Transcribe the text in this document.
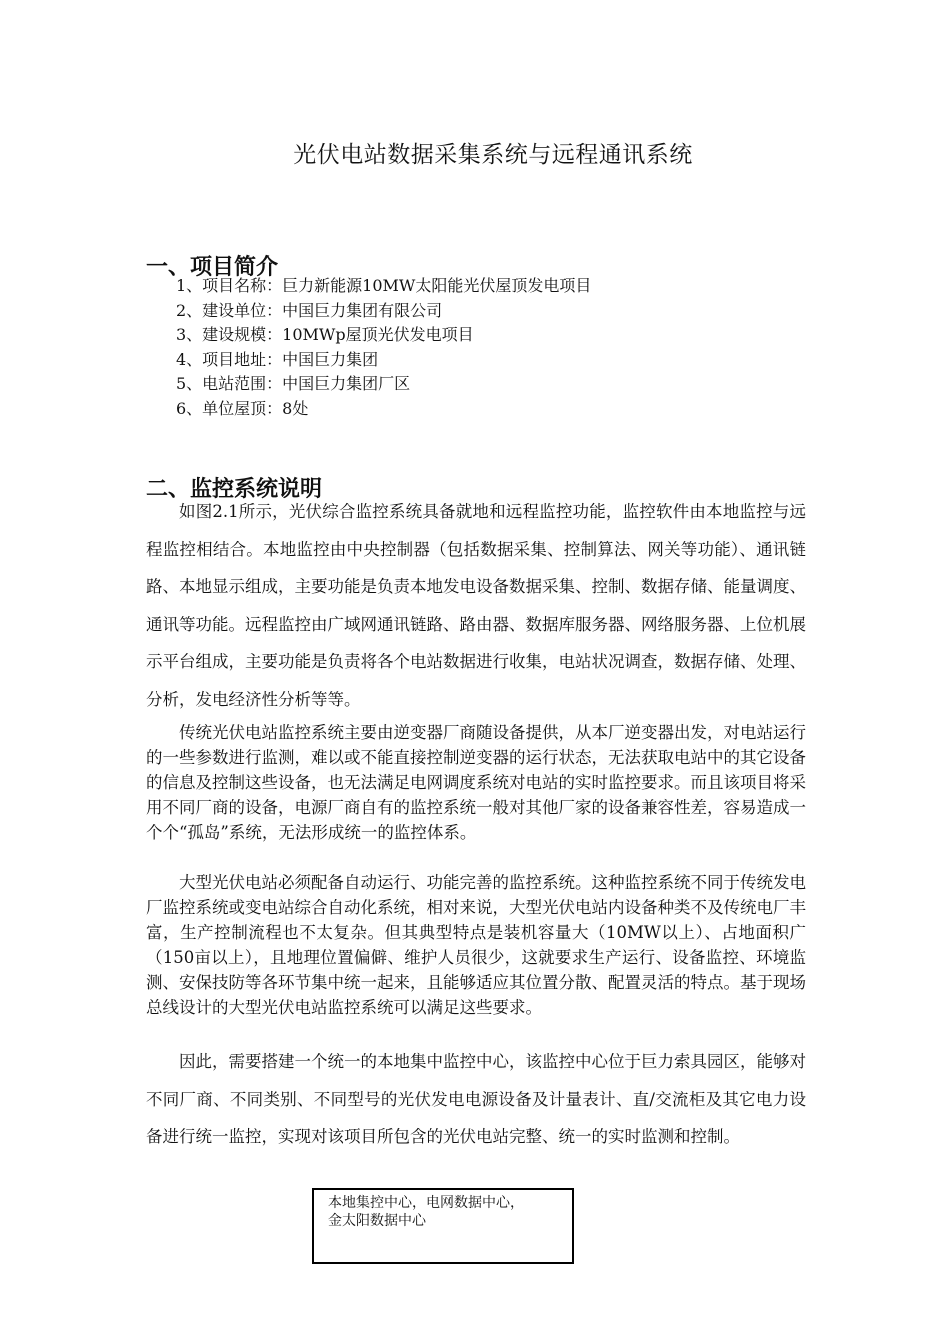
光伏电站数据采集系统与远程通讯系统
一、项目简介
1、项目名称：巨力新能源10MW太阳能光伏屋顶发电项目
2、建设单位：中国巨力集团有限公司
3、建设规模：10MWp屋顶光伏发电项目
4、项目地址：中国巨力集团
5、电站范围：中国巨力集团厂区
6、单位屋顶：8处
二、监控系统说明

如图2.1所示，光伏综合监控系统具备就地和远程监控功能，监控软件由本地监控与远程监控相结合。本地监控由中央控制器（包括数据采集、控制算法、网关等功能）、通讯链路、本地显示组成，主要功能是负责本地发电设备数据采集、控制、数据存储、能量调度、通讯等功能。远程监控由广域网通讯链路、路由器、数据库服务器、网络服务器、上位机展示平台组成，主要功能是负责将各个电站数据进行收集，电站状况调查，数据存储、处理、分析，发电经济性分析等等。

传统光伏电站监控系统主要由逆变器厂商随设备提供，从本厂逆变器出发，对电站运行的一些参数进行监测，难以或不能直接控制逆变器的运行状态，无法获取电站中的其它设备的信息及控制这些设备，也无法满足电网调度系统对电站的实时监控要求。而且该项目将采用不同厂商的设备，电源厂商自有的监控系统一般对其他厂家的设备兼容性差，容易造成一个个“孤岛”系统，无法形成统一的监控体系。

大型光伏电站必须配备自动运行、功能完善的监控系统。这种监控系统不同于传统发电厂监控系统或变电站综合自动化系统，相对来说，大型光伏电站内设备种类不及传统电厂丰富，生产控制流程也不太复杂。但其典型特点是装机容量大（10MW以上）、占地面积广（150亩以上），且地理位置偏僻、维护人员很少，这就要求生产运行、设备监控、环境监测、安保技防等各环节集中统一起来，且能够适应其位置分散、配置灵活的特点。基于现场总线设计的大型光伏电站监控系统可以满足这些要求。

因此，需要搭建一个统一的本地集中监控中心，该监控中心位于巨力索具园区，能够对不同厂商、不同类别、不同型号的光伏发电电源设备及计量表计、直/交流柜及其它电力设备进行统一监控，实现对该项目所包含的光伏电站完整、统一的实时监测和控制。

本地集控中心，电网数据中心，
金太阳数据中心
